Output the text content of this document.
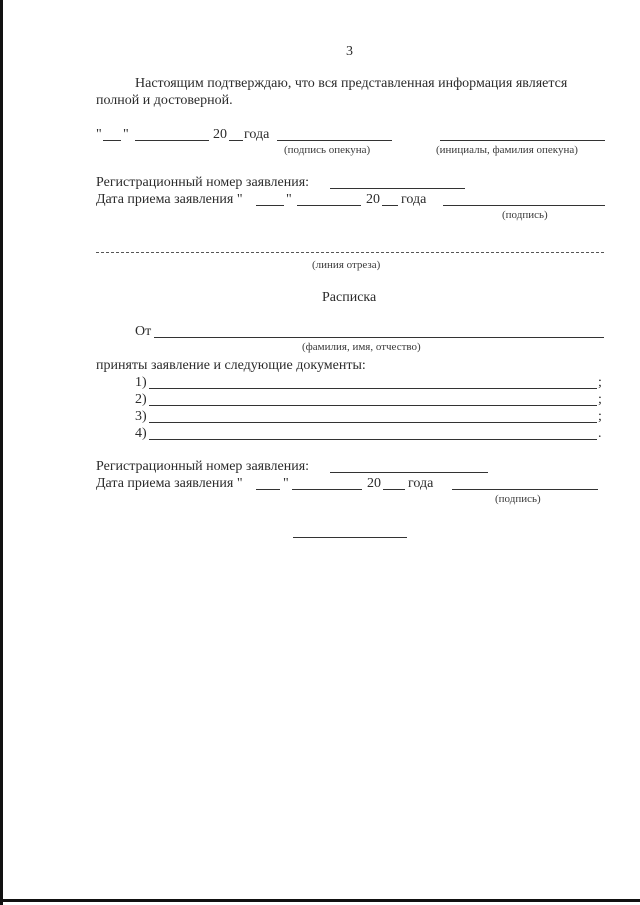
3
Настоящим подтверждаю, что вся представленная информация является
полной и достоверной.
" "	20 года
(подпись опекуна)	(инициалы, фамилия опекуна)
Регистрационный номер заявления:
Дата приема заявления "	"	20 года
(подпись)
(линия отреза)
Расписка
От
(фамилия, имя, отчество)
приняты заявление и следующие документы:
1)	;
2)	;
3)	;
4)	.
Регистрационный номер заявления:
Дата приема заявления "	"	20 года
(подпись)
